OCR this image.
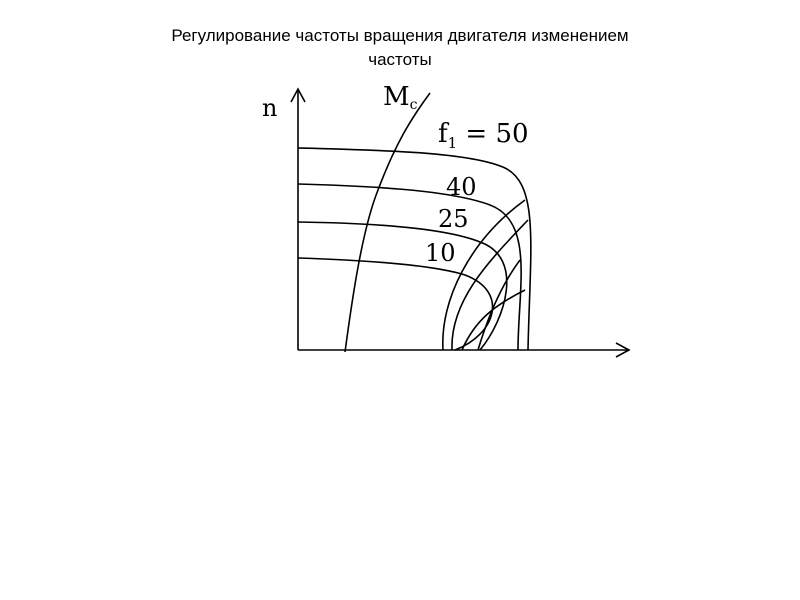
Регулирование частоты вращения двигателя изменением
частоты
n	Mc
$f_1 = 50$
40
25
10
